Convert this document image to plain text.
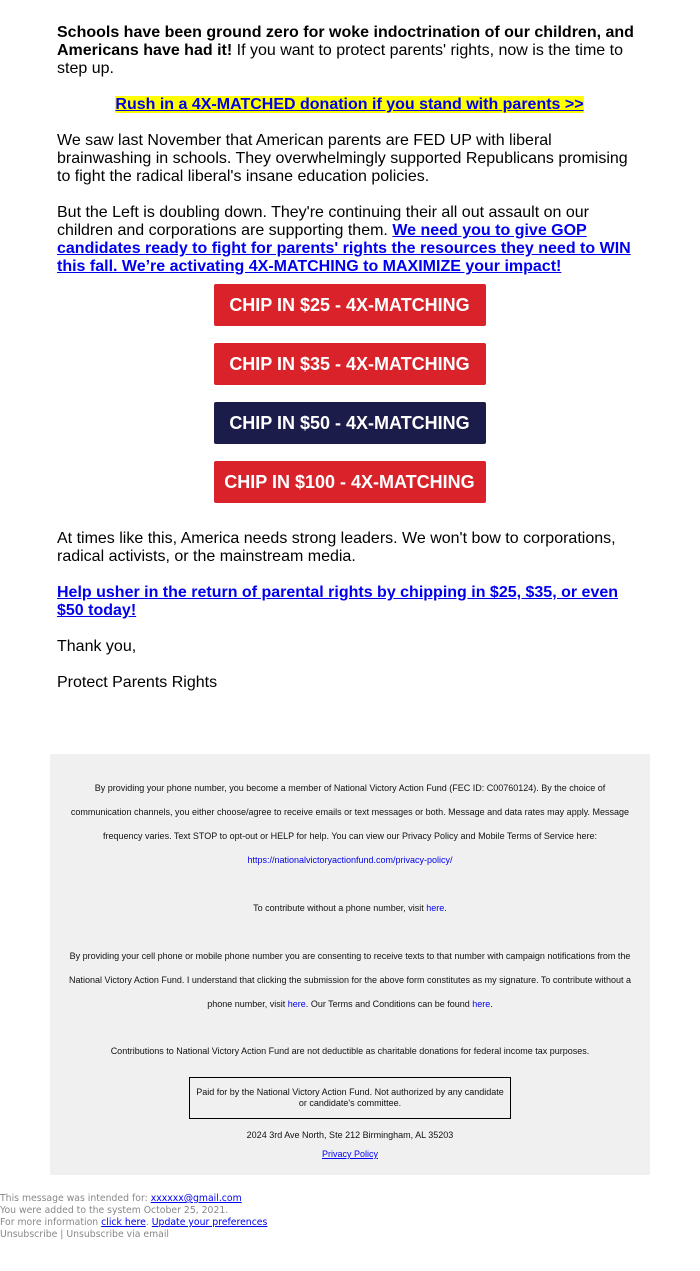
Schools have been ground zero for woke indoctrination of our children, and Americans have had it! If you want to protect parents' rights, now is the time to step up.

Rush in a 4X-MATCHED donation if you stand with parents >>

We saw last November that American parents are FED UP with liberal brainwashing in schools. They overwhelmingly supported Republicans promising to fight the radical liberal's insane education policies.

But the Left is doubling down. They're continuing their all out assault on our children and corporations are supporting them. We need you to give GOP candidates ready to fight for parents' rights the resources they need to WIN this fall. We’re activating 4X-MATCHING to MAXIMIZE your impact!

CHIP IN $25 - 4X-MATCHING
CHIP IN $35 - 4X-MATCHING
CHIP IN $50 - 4X-MATCHING
CHIP IN $100 - 4X-MATCHING

At times like this, America needs strong leaders. We won't bow to corporations, radical activists, or the mainstream media.

Help usher in the return of parental rights by chipping in $25, $35, or even $50 today!

Thank you,

Protect Parents Rights

By providing your phone number, you become a member of National Victory Action Fund (FEC ID: C00760124). By the choice of communication channels, you either choose/agree to receive emails or text messages or both. Message and data rates may apply. Message frequency varies. Text STOP to opt-out or HELP for help. You can view our Privacy Policy and Mobile Terms of Service here: https://nationalvictoryactionfund.com/privacy-policy/

To contribute without a phone number, visit here.

By providing your cell phone or mobile phone number you are consenting to receive texts to that number with campaign notifications from the National Victory Action Fund. I understand that clicking the submission for the above form constitutes as my signature. To contribute without a phone number, visit here. Our Terms and Conditions can be found here.

Contributions to National Victory Action Fund are not deductible as charitable donations for federal income tax purposes.

Paid for by the National Victory Action Fund. Not authorized by any candidate or candidate's committee.

2024 3rd Ave North, Ste 212 Birmingham, AL 35203

Privacy Policy

This message was intended for: xxxxxx@gmail.com
You were added to the system October 25, 2021.
For more information click here. Update your preferences
Unsubscribe | Unsubscribe via email
